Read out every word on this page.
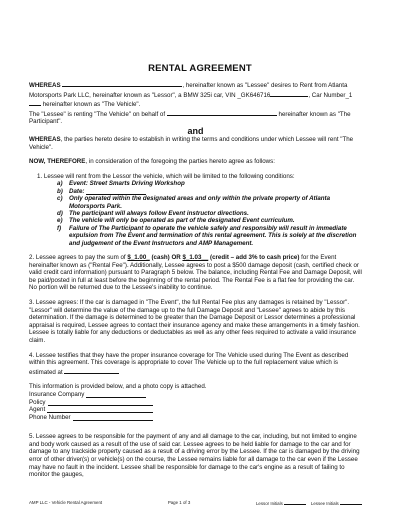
RENTAL AGREEMENT

WHEREAS	, hereinafter known as "Lessee" desires to Rent from Atlanta Motorsports Park LLC, hereinafter known as "Lessor", a BMW 325i car, VIN _GK646716	, Car Number_1 hereinafter known as "The Vehicle".
The "Lessee" is renting "The Vehicle" on behalf of	hereinafter known as "The Participant".

and

WHEREAS, the parties hereto desire to establish in writing the terms and conditions under which Lessee will rent "The Vehicle".

NOW, THEREFORE, in consideration of the foregoing the parties hereto agree as follows:

1. Lessee will rent from the Lessor the vehicle, which will be limited to the following conditions:

a)	Event: Street Smarts Driving Workshop
b) Date:
c)	Only operated within the designated areas and only within the private property of Atlanta Motorsports Park.
d) The participant will always follow Event instructor directions.
e)	The vehicle will only be operated as part of the designated Event curriculum.
f)	Failure of The Participant to operate the vehicle safely and responsibly will result in immediate expulsion from The Event and termination of this rental agreement. This is solely at the discretion and judgement of the Event Instructors and AMP Management.

2. Lessee agrees to pay the sum of $_1.00_ (cash) OR $_1.03__ (credit – add 3% to cash price) for the Event hereinafter known as ("Rental Fee"). Additionally, Lessee agrees to post a $500 damage deposit (cash, certified check or valid credit card information) pursuant to Paragraph 5 below. The balance, including Rental Fee and Damage Deposit, will be paid/posted in full at least before the beginning of the rental period. The Rental Fee is a flat fee for providing the car. No portion will be returned due to the Lessee's inability to continue.

3. Lessee agrees: If the car is damaged in "The Event", the full Rental Fee plus any damages is retained by "Lessor". "Lessor" will determine the value of the damage up to the full Damage Deposit and "Lessee" agrees to abide by this determination. If the damage is determined to be greater than the Damage Deposit or Lessor determines a professional appraisal is required, Lessee agrees to contact their insurance agency and make these arrangements in a timely fashion. Lessee is totally liable for any deductions or deductables as well as any other fees required to activate a valid insurance claim.

4. Lessee testifies that they have the proper insurance coverage for The Vehicle used during The Event as described within this agreement. This coverage is appropriate to cover The Vehicle up to the full replacement value which is estimated at

This information is provided below, and a photo copy is attached.

Insurance Company
Policy
Agent
Phone Number

5. Lessee agrees to be responsible for the payment of any and all damage to the car, including, but not limited to engine and body work caused as a result of the use of said car. Lessee agrees to be held liable for damage to the car and for damage to any trackside property caused as a result of a driving error by the Lessee. If the car is damaged by the driving error of other driver(s) or vehicle(s) on the course, the Lessee remains liable for all damage to the car even if the Lessee may have no fault in the incident. Lessee shall be responsible for damage to the car's engine as a result of failing to monitor the gauges,

AMP LLC - Vehicle Rental Agreement	Page 1 of 3	Lessor Initials	Lessee Initials
